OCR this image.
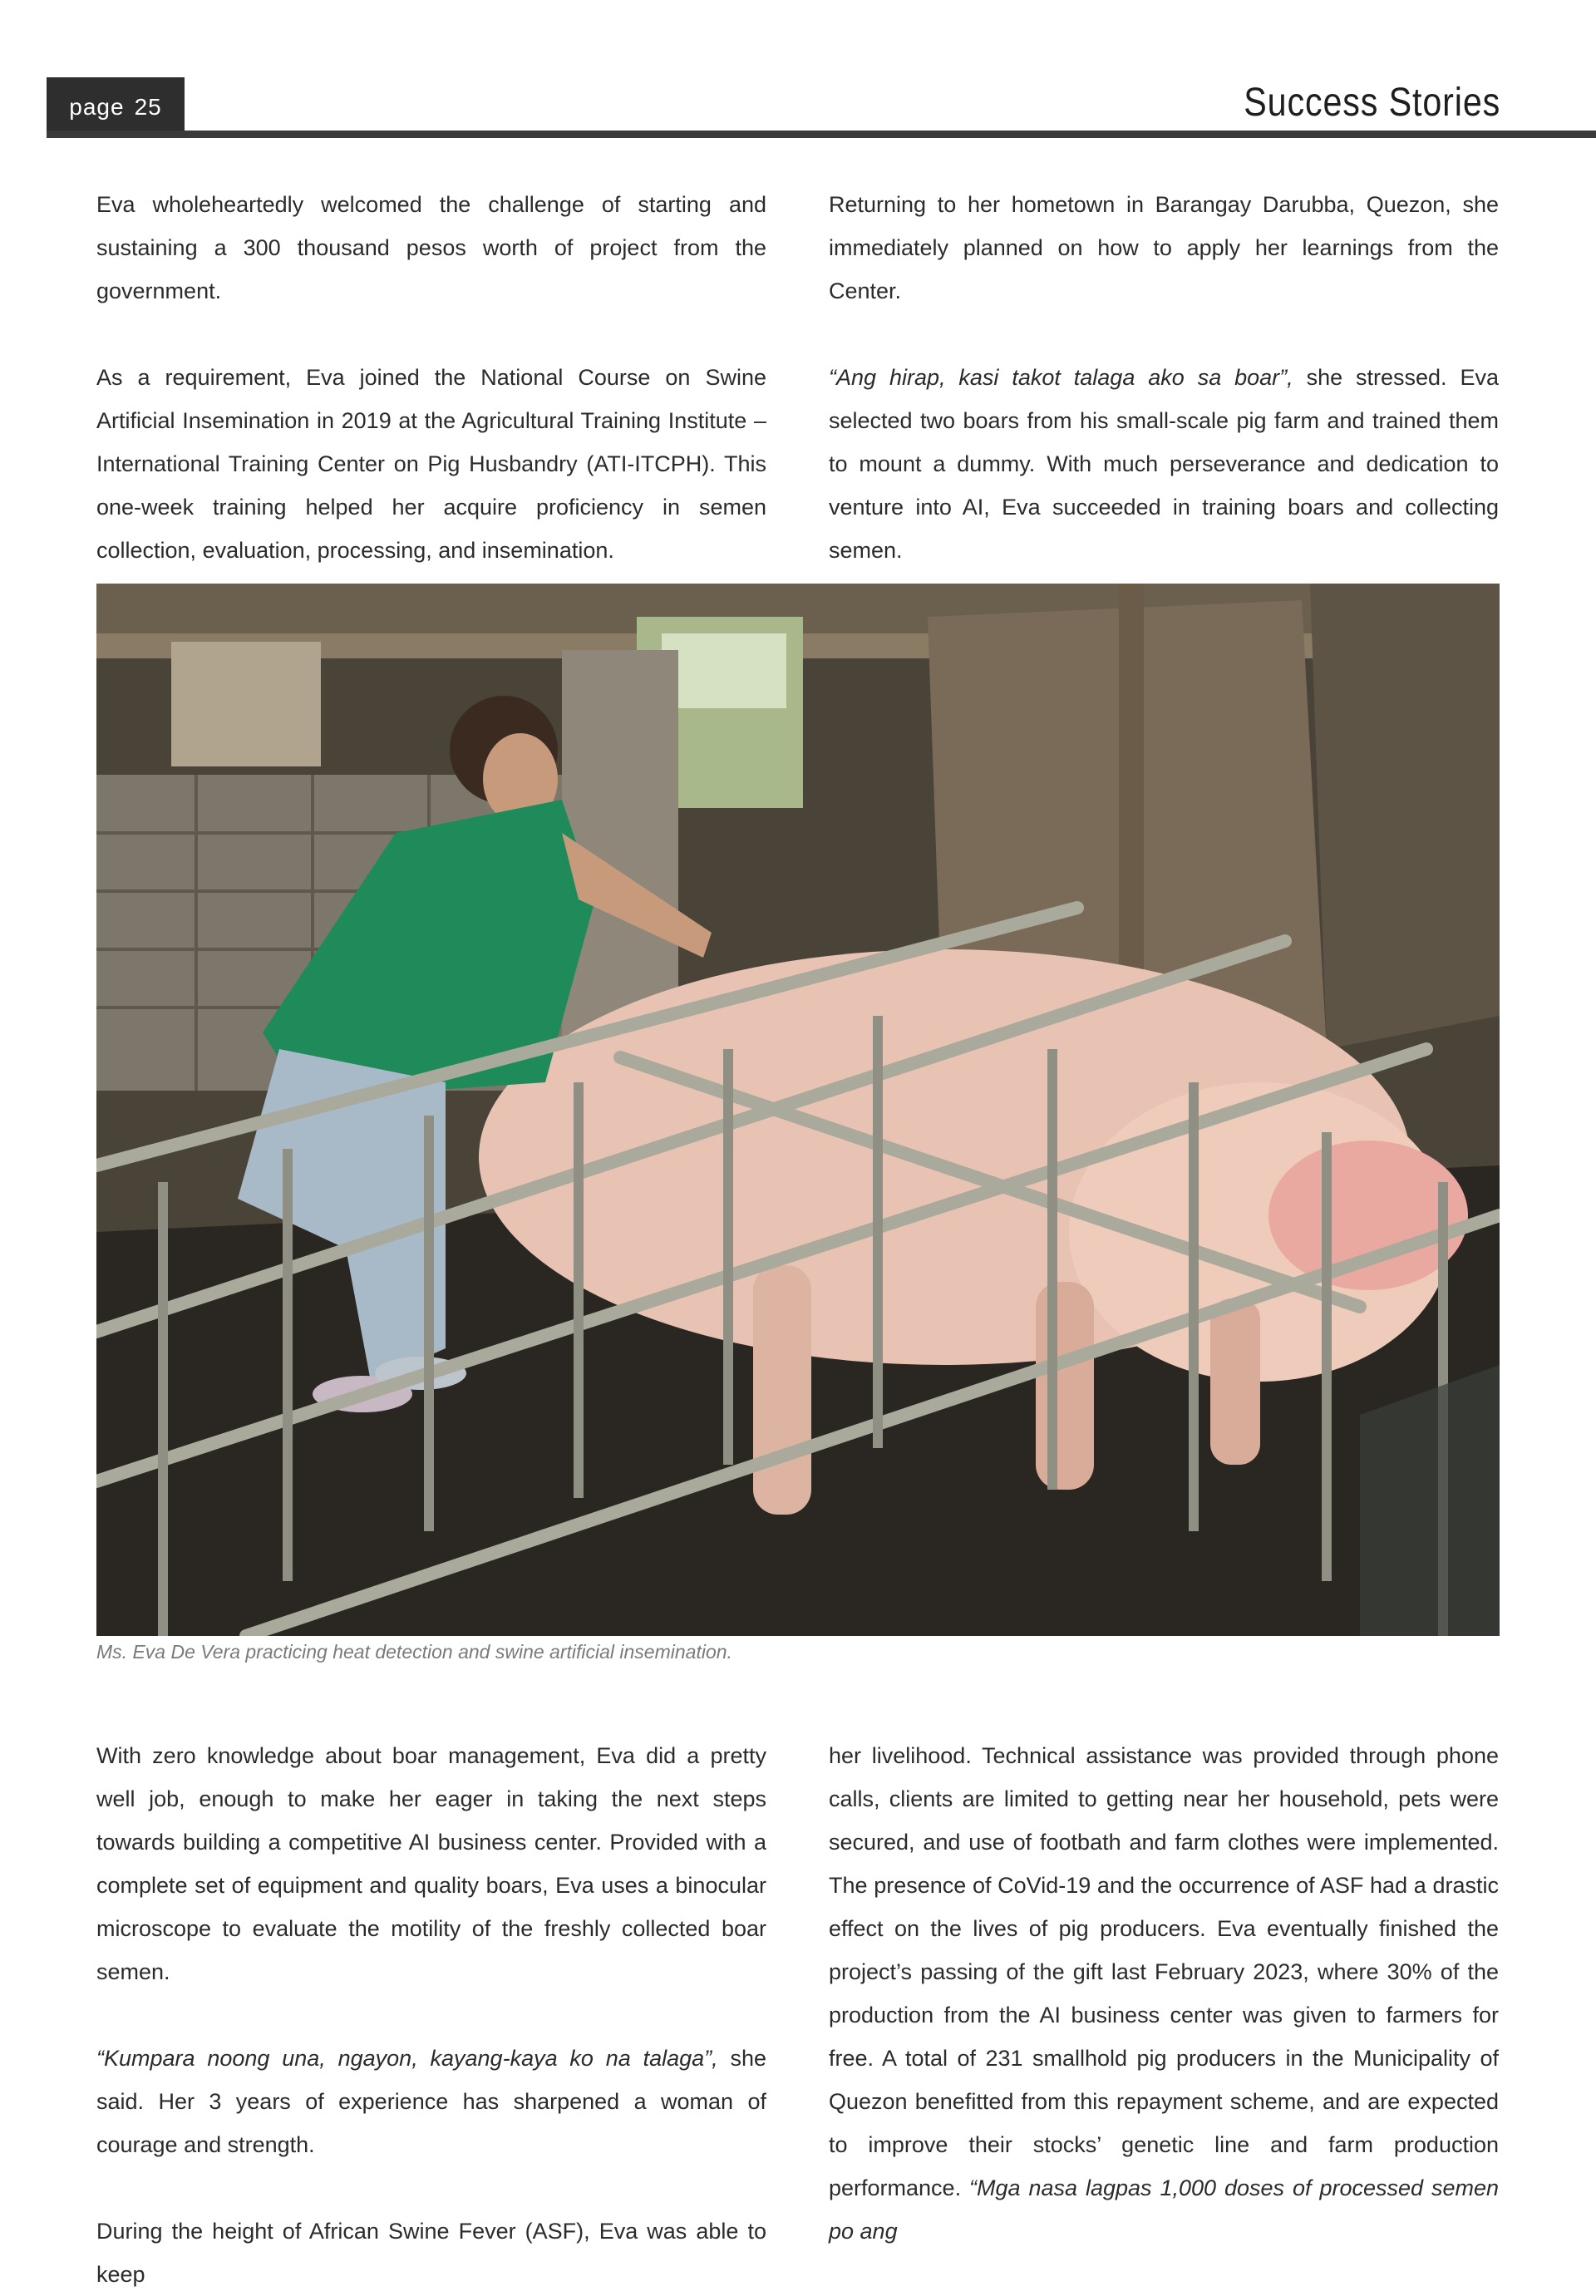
page 25	Success Stories

Eva wholeheartedly welcomed the challenge of starting and sustaining a 300 thousand pesos worth of project from the government.

As a requirement, Eva joined the National Course on Swine Artificial Insemination in 2019 at the Agricultural Training Institute – International Training Center on Pig Husbandry (ATI-ITCPH). This one-week training helped her acquire proficiency in semen collection, evaluation, processing, and insemination.

Returning to her hometown in Barangay Darubba, Quezon, she immediately planned on how to apply her learnings from the Center.

“Ang hirap, kasi takot talaga ako sa boar”, she stressed. Eva selected two boars from his small-scale pig farm and trained them to mount a dummy. With much perseverance and dedication to venture into AI, Eva succeeded in training boars and collecting semen.

Ms. Eva De Vera practicing heat detection and swine artificial insemination.

With zero knowledge about boar management, Eva did a pretty well job, enough to make her eager in taking the next steps towards building a competitive AI business center. Provided with a complete set of equipment and quality boars, Eva uses a binocular microscope to evaluate the motility of the freshly collected boar semen.

“Kumpara noong una, ngayon, kayang-kaya ko na talaga”, she said. Her 3 years of experience has sharpened a woman of courage and strength.

During the height of African Swine Fever (ASF), Eva was able to keep

her livelihood. Technical assistance was provided through phone calls, clients are limited to getting near her household, pets were secured, and use of footbath and farm clothes were implemented. The presence of CoVid-19 and the occurrence of ASF had a drastic effect on the lives of pig producers. Eva eventually finished the project’s passing of the gift last February 2023, where 30% of the production from the AI business center was given to farmers for free. A total of 231 smallhold pig producers in the Municipality of Quezon benefitted from this repayment scheme, and are expected to improve their stocks’ genetic line and farm production performance. “Mga nasa lagpas 1,000 doses of processed semen po ang
